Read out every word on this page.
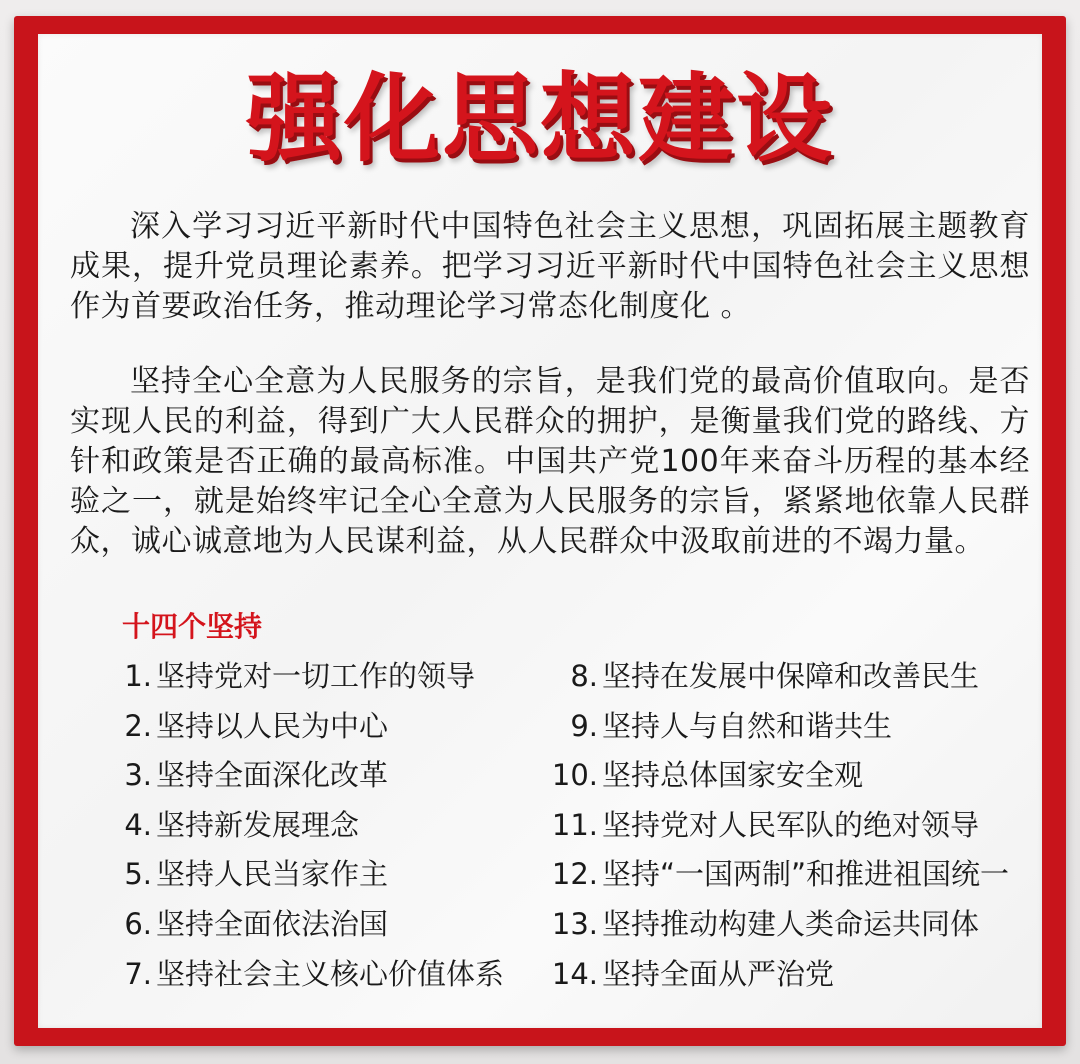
强化思想建设
深入学习习近平新时代中国特色社会主义思想，巩固拓展主题教育成果，提升党员理论素养。把学习习近平新时代中国特色社会主义思想作为首要政治任务，推动理论学习常态化制度化 。
坚持全心全意为人民服务的宗旨，是我们党的最高价值取向。是否实现人民的利益，得到广大人民群众的拥护，是衡量我们党的路线、方针和政策是否正确的最高标准。中国共产党100年来奋斗历程的基本经验之一，就是始终牢记全心全意为人民服务的宗旨，紧紧地依靠人民群众，诚心诚意地为人民谋利益，从人民群众中汲取前进的不竭力量。
十四个坚持
1. 坚持党对一切工作的领导
2. 坚持以人民为中心
3. 坚持全面深化改革
4. 坚持新发展理念
5. 坚持人民当家作主
6. 坚持全面依法治国
7. 坚持社会主义核心价值体系
8. 坚持在发展中保障和改善民生
9. 坚持人与自然和谐共生
10. 坚持总体国家安全观
11. 坚持党对人民军队的绝对领导
12. 坚持“一国两制”和推进祖国统一
13. 坚持推动构建人类命运共同体
14. 坚持全面从严治党
